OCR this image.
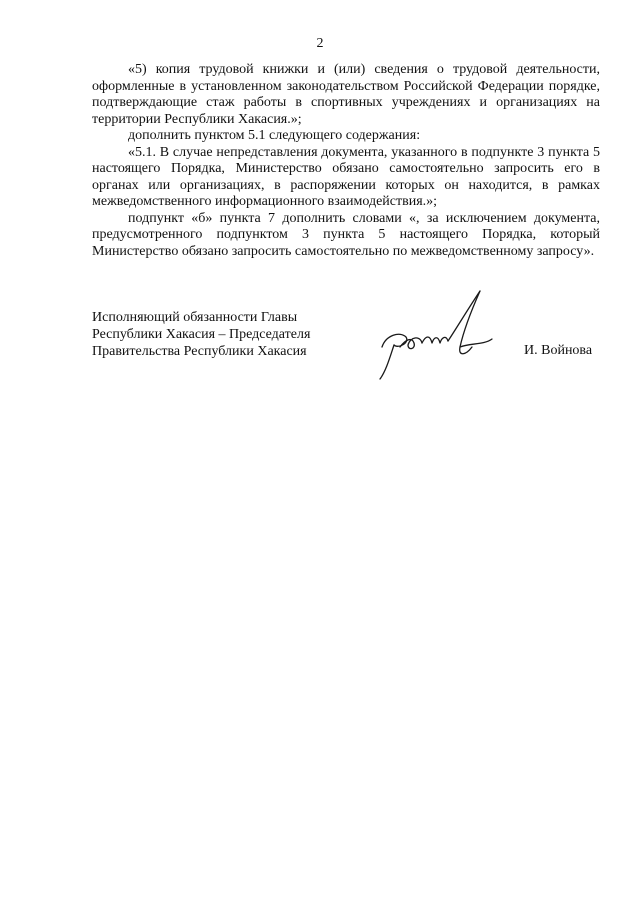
2

«5) копия трудовой книжки и (или) сведения о трудовой деятельности, оформленные в установленном законодательством Российской Федерации порядке, подтверждающие стаж работы в спортивных учреждениях и организациях на территории Республики Хакасия.»;

дополнить пунктом 5.1 следующего содержания:

«5.1. В случае непредставления документа, указанного в подпункте 3 пункта 5 настоящего Порядка, Министерство обязано самостоятельно запросить его в органах или организациях, в распоряжении которых он находится, в рамках межведомственного информационного взаимодействия.»;

подпункт «б» пункта 7 дополнить словами «, за исключением документа, предусмотренного подпунктом 3 пункта 5 настоящего Порядка, который Министерство обязано запросить самостоятельно по межведомственному запросу».

Исполняющий обязанности Главы
Республики Хакасия – Председателя
Правительства Республики Хакасия	И. Войнова
